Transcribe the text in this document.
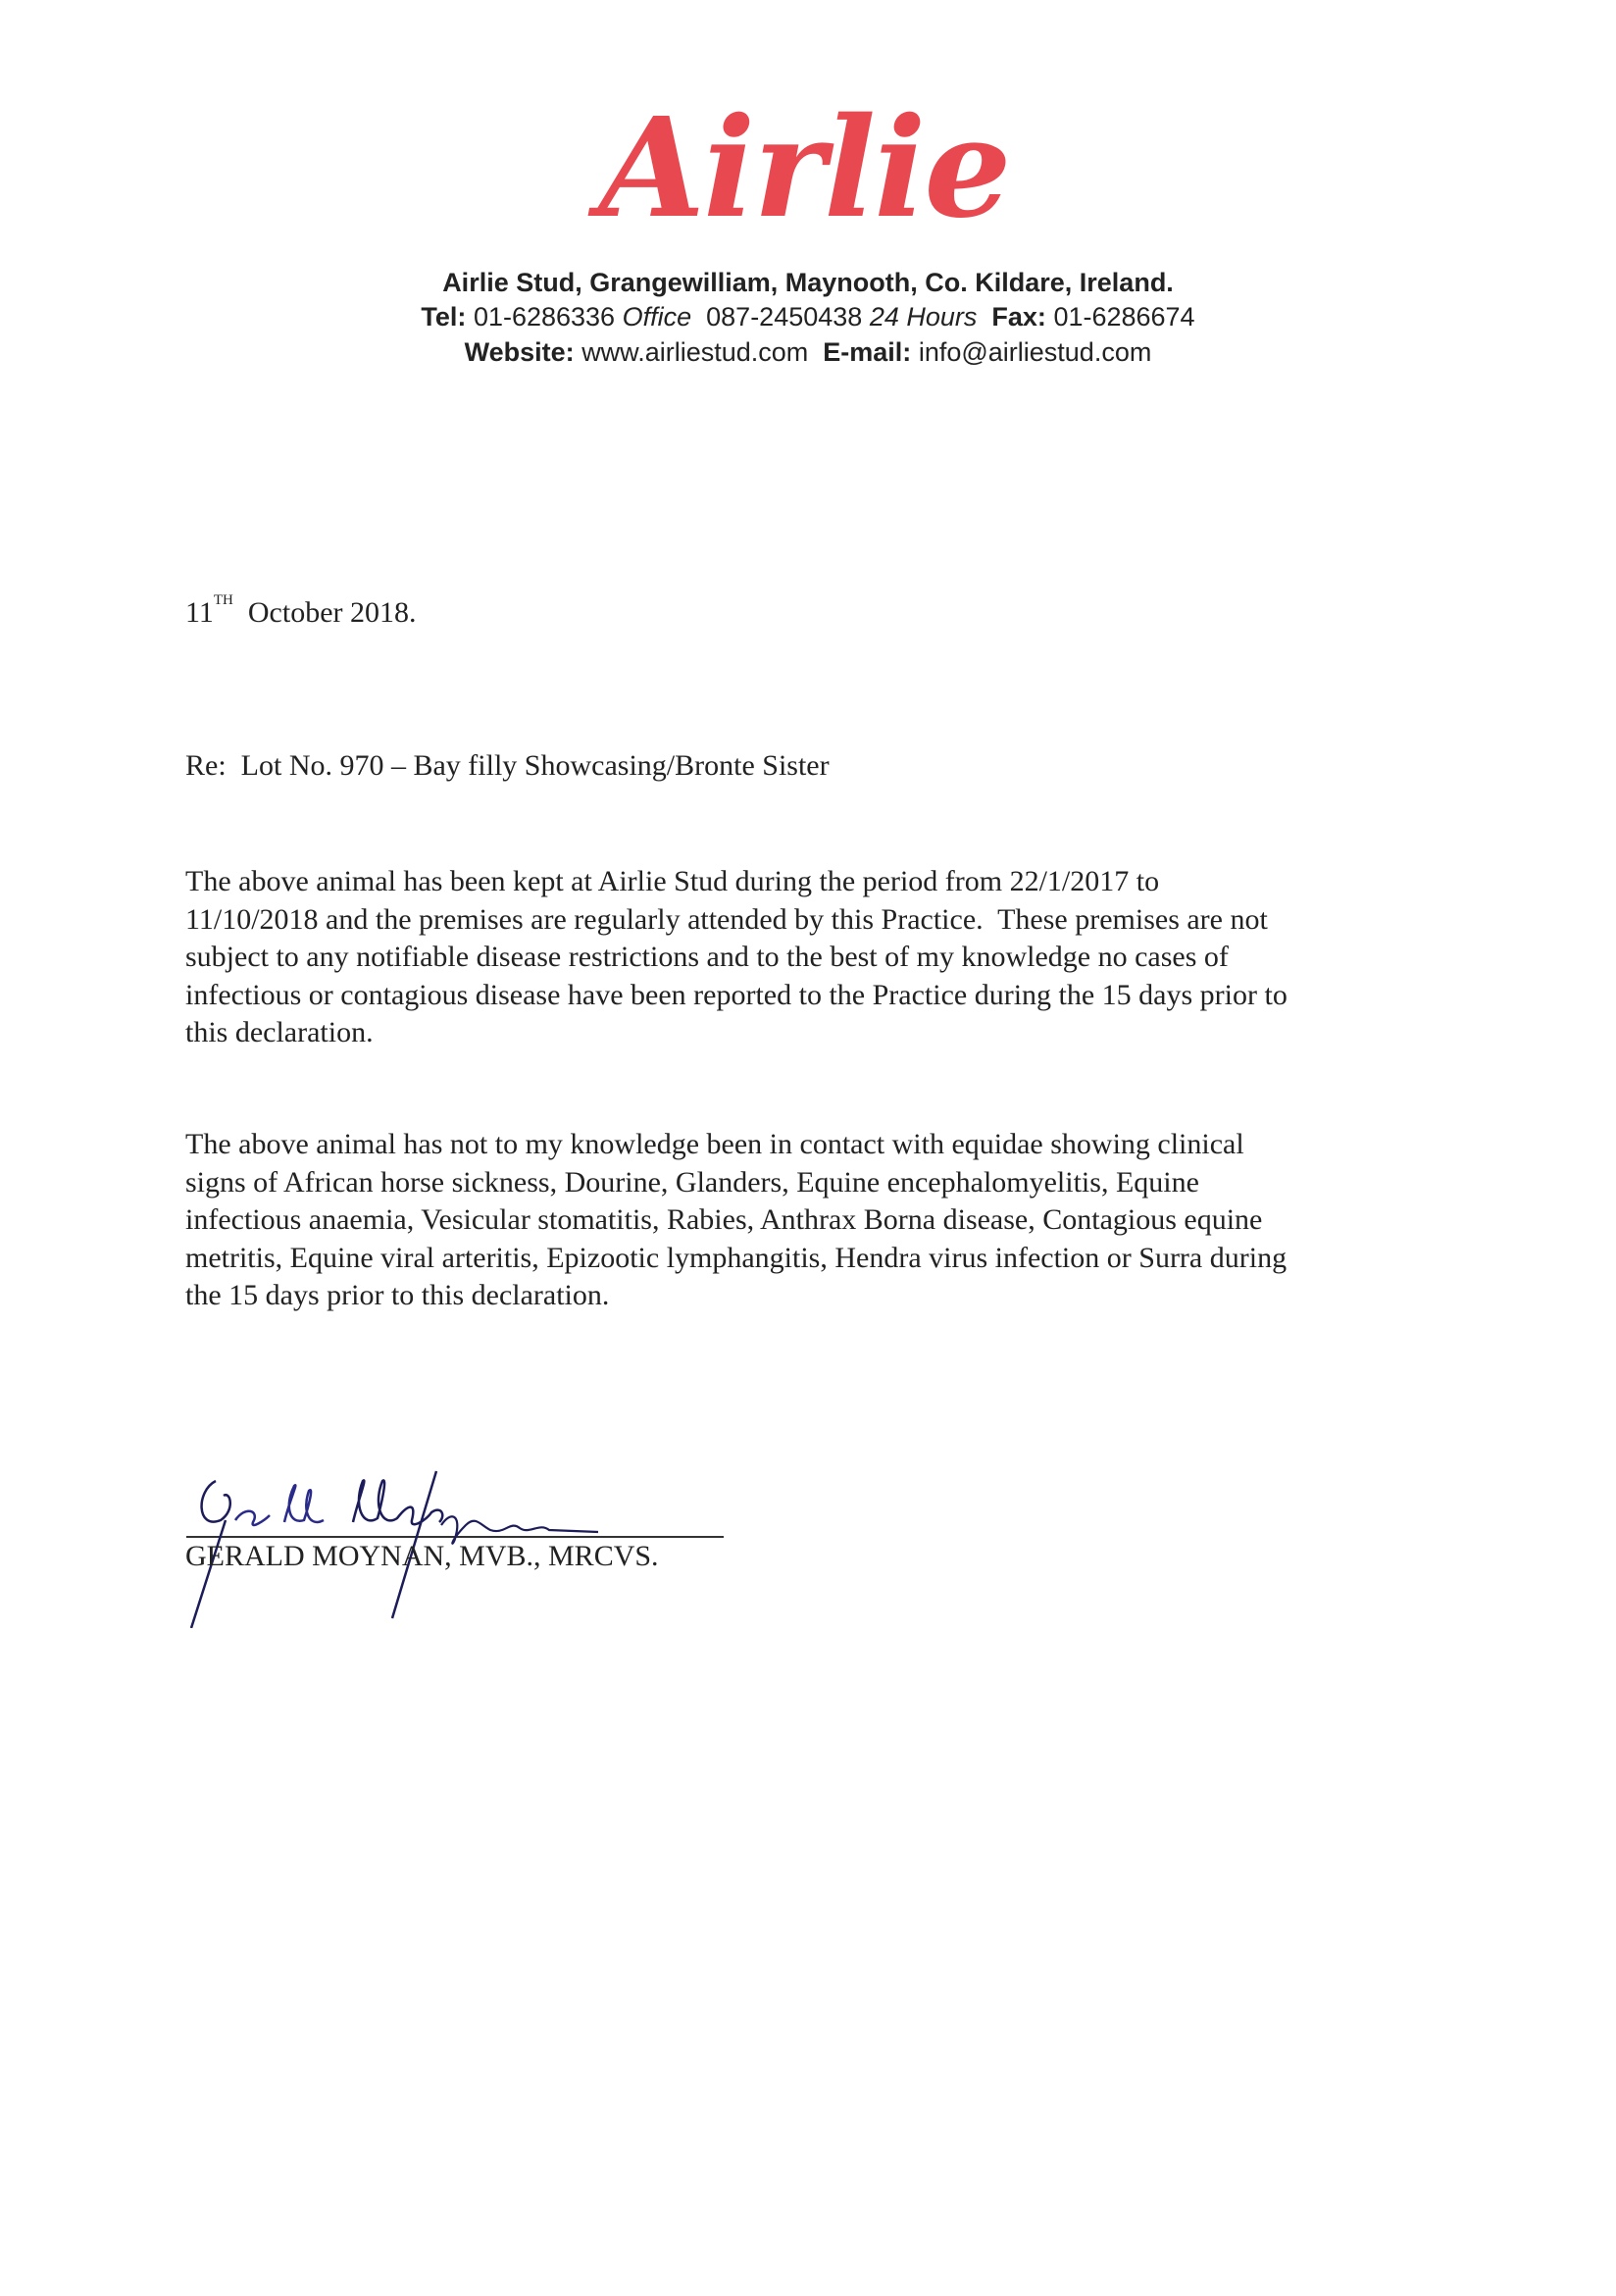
Airlie
Airlie Stud, Grangewilliam, Maynooth, Co. Kildare, Ireland.
Tel: 01-6286336 Office 087-2450438 24 Hours Fax: 01-6286674
Website: www.airliestud.com E-mail: info@airliestud.com
11TH October 2018.
Re:  Lot No. 970 – Bay filly Showcasing/Bronte Sister
The above animal has been kept at Airlie Stud during the period from 22/1/2017 to
11/10/2018 and the premises are regularly attended by this Practice.  These premises are not
subject to any notifiable disease restrictions and to the best of my knowledge no cases of
infectious or contagious disease have been reported to the Practice during the 15 days prior to
this declaration.
The above animal has not to my knowledge been in contact with equidae showing clinical
signs of African horse sickness, Dourine, Glanders, Equine encephalomyelitis, Equine
infectious anaemia, Vesicular stomatitis, Rabies, Anthrax Borna disease, Contagious equine
metritis, Equine viral arteritis, Epizootic lymphangitis, Hendra virus infection or Surra during
the 15 days prior to this declaration.
GERALD MOYNAN, MVB., MRCVS.
